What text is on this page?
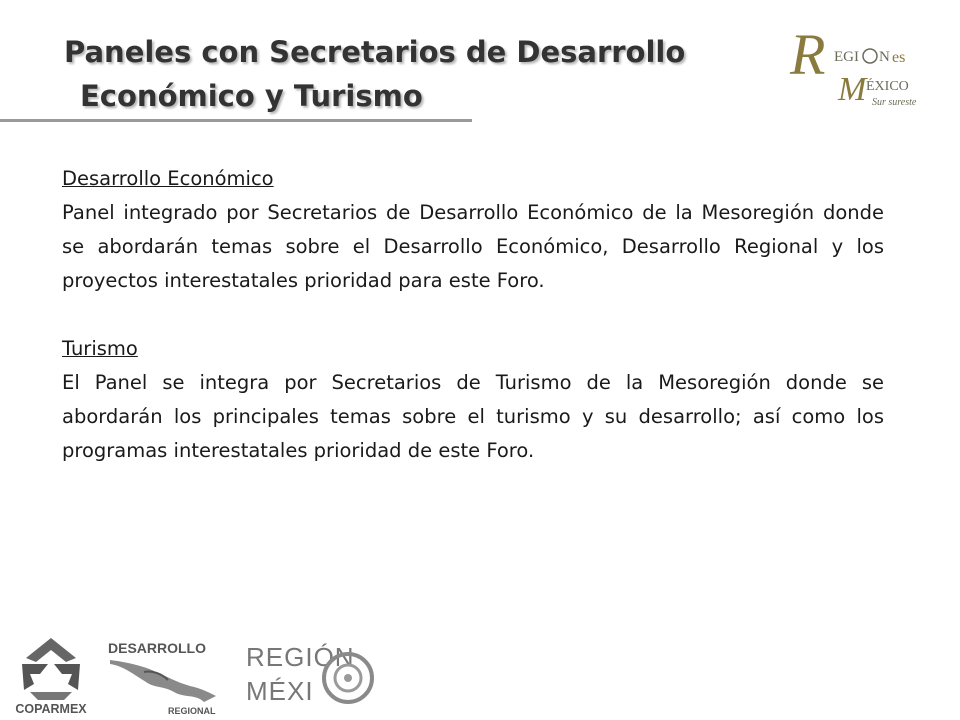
Paneles con Secretarios de Desarrollo
Económico y Turismo
R EGI N es
M ÉXICO
Sur sureste
Desarrollo Económico

Panel integrado por Secretarios de Desarrollo Económico de la Mesoregión donde se abordarán temas sobre el Desarrollo Económico, Desarrollo Regional y los proyectos interestatales prioridad para este Foro.

Turismo

El Panel se integra por Secretarios de Turismo de la Mesoregión donde se abordarán los principales temas sobre el turismo y su desarrollo; así como los programas interestatales prioridad de este Foro.

COPARMEX
DESARROLLO
REGIONAL
REGIÓN
MÉXI
